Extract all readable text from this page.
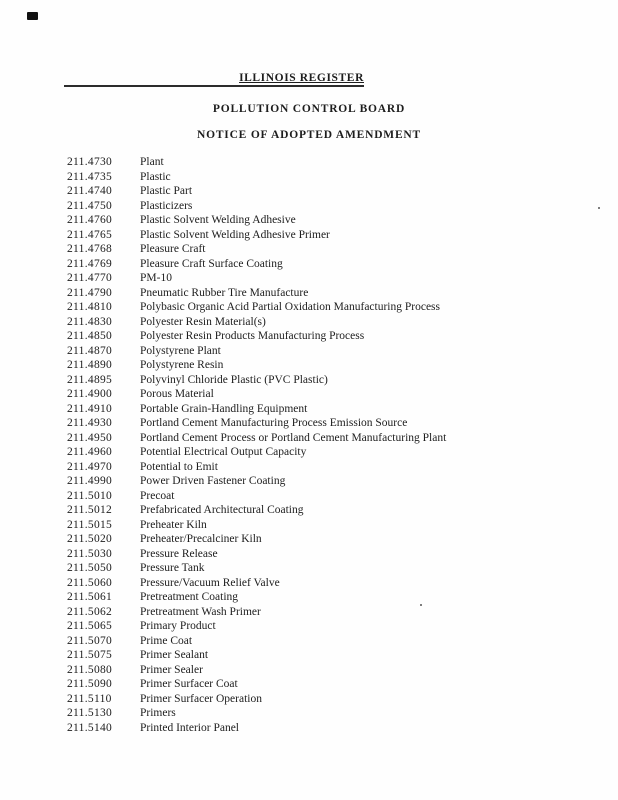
ILLINOIS REGISTER
POLLUTION CONTROL BOARD
NOTICE OF ADOPTED AMENDMENT
211.4730	Plant
211.4735	Plastic
211.4740	Plastic Part
211.4750	Plasticizers
211.4760	Plastic Solvent Welding Adhesive
211.4765	Plastic Solvent Welding Adhesive Primer
211.4768	Pleasure Craft
211.4769	Pleasure Craft Surface Coating
211.4770	PM-10
211.4790	Pneumatic Rubber Tire Manufacture
211.4810	Polybasic Organic Acid Partial Oxidation Manufacturing Process
211.4830	Polyester Resin Material(s)
211.4850	Polyester Resin Products Manufacturing Process
211.4870	Polystyrene Plant
211.4890	Polystyrene Resin
211.4895	Polyvinyl Chloride Plastic (PVC Plastic)
211.4900	Porous Material
211.4910	Portable Grain-Handling Equipment
211.4930	Portland Cement Manufacturing Process Emission Source
211.4950	Portland Cement Process or Portland Cement Manufacturing Plant
211.4960	Potential Electrical Output Capacity
211.4970	Potential to Emit
211.4990	Power Driven Fastener Coating
211.5010	Precoat
211.5012	Prefabricated Architectural Coating
211.5015	Preheater Kiln
211.5020	Preheater/Precalciner Kiln
211.5030	Pressure Release
211.5050	Pressure Tank
211.5060	Pressure/Vacuum Relief Valve
211.5061	Pretreatment Coating
211.5062	Pretreatment Wash Primer
211.5065	Primary Product
211.5070	Prime Coat
211.5075	Primer Sealant
211.5080	Primer Sealer
211.5090	Primer Surfacer Coat
211.5110	Primer Surfacer Operation
211.5130	Primers
211.5140	Printed Interior Panel
